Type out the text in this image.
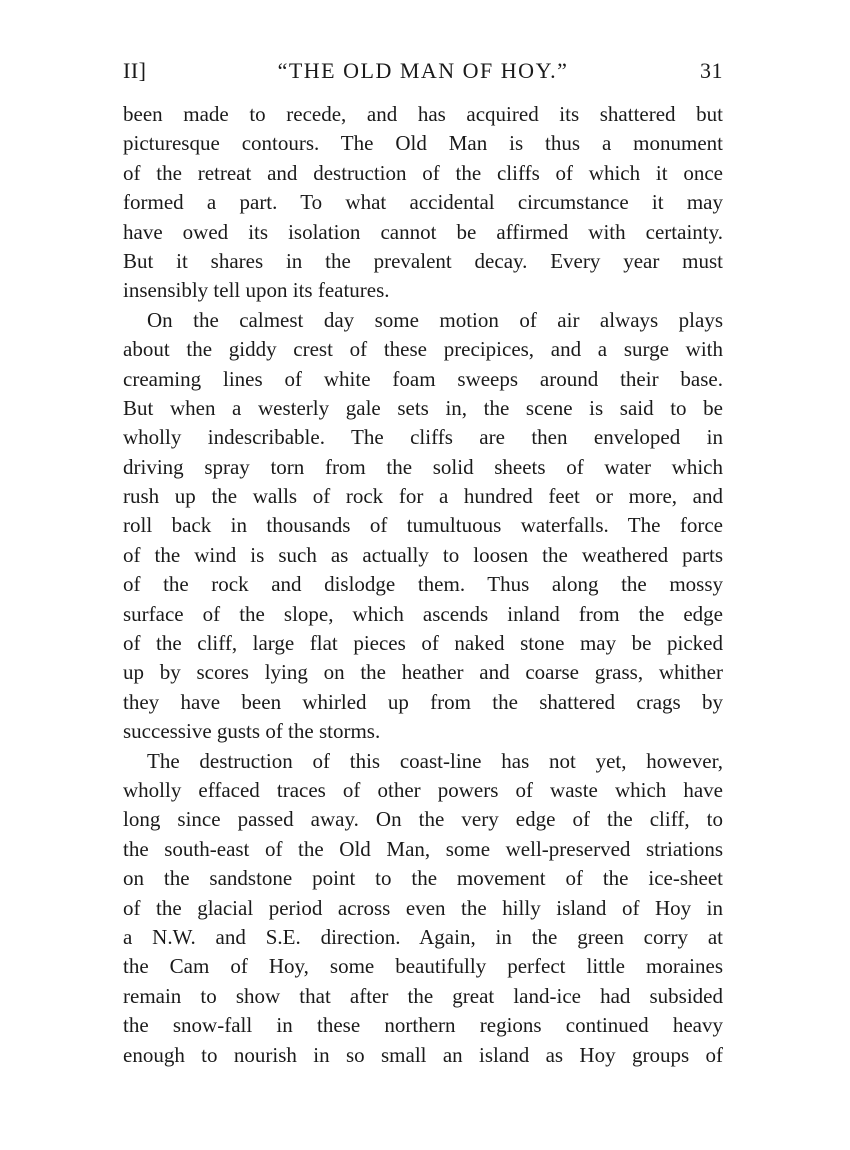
II]	“THE OLD MAN OF HOY.”	31
been made to recede, and has acquired its shattered but
picturesque contours. The Old Man is thus a monument
of the retreat and destruction of the cliffs of which it once
formed a part. To what accidental circumstance it may
have owed its isolation cannot be affirmed with certainty.
But it shares in the prevalent decay. Every year must
insensibly tell upon its features.
On the calmest day some motion of air always plays
about the giddy crest of these precipices, and a surge with
creaming lines of white foam sweeps around their base.
But when a westerly gale sets in, the scene is said to be
wholly indescribable. The cliffs are then enveloped in
driving spray torn from the solid sheets of water which
rush up the walls of rock for a hundred feet or more, and
roll back in thousands of tumultuous waterfalls. The force
of the wind is such as actually to loosen the weathered parts
of the rock and dislodge them. Thus along the mossy
surface of the slope, which ascends inland from the edge
of the cliff, large flat pieces of naked stone may be picked
up by scores lying on the heather and coarse grass, whither
they have been whirled up from the shattered crags by
successive gusts of the storms.
The destruction of this coast-line has not yet, however,
wholly effaced traces of other powers of waste which have
long since passed away. On the very edge of the cliff, to
the south-east of the Old Man, some well-preserved striations
on the sandstone point to the movement of the ice-sheet
of the glacial period across even the hilly island of Hoy in
a N.W. and S.E. direction. Again, in the green corry at
the Cam of Hoy, some beautifully perfect little moraines
remain to show that after the great land-ice had subsided
the snow-fall in these northern regions continued heavy
enough to nourish in so small an island as Hoy groups of
